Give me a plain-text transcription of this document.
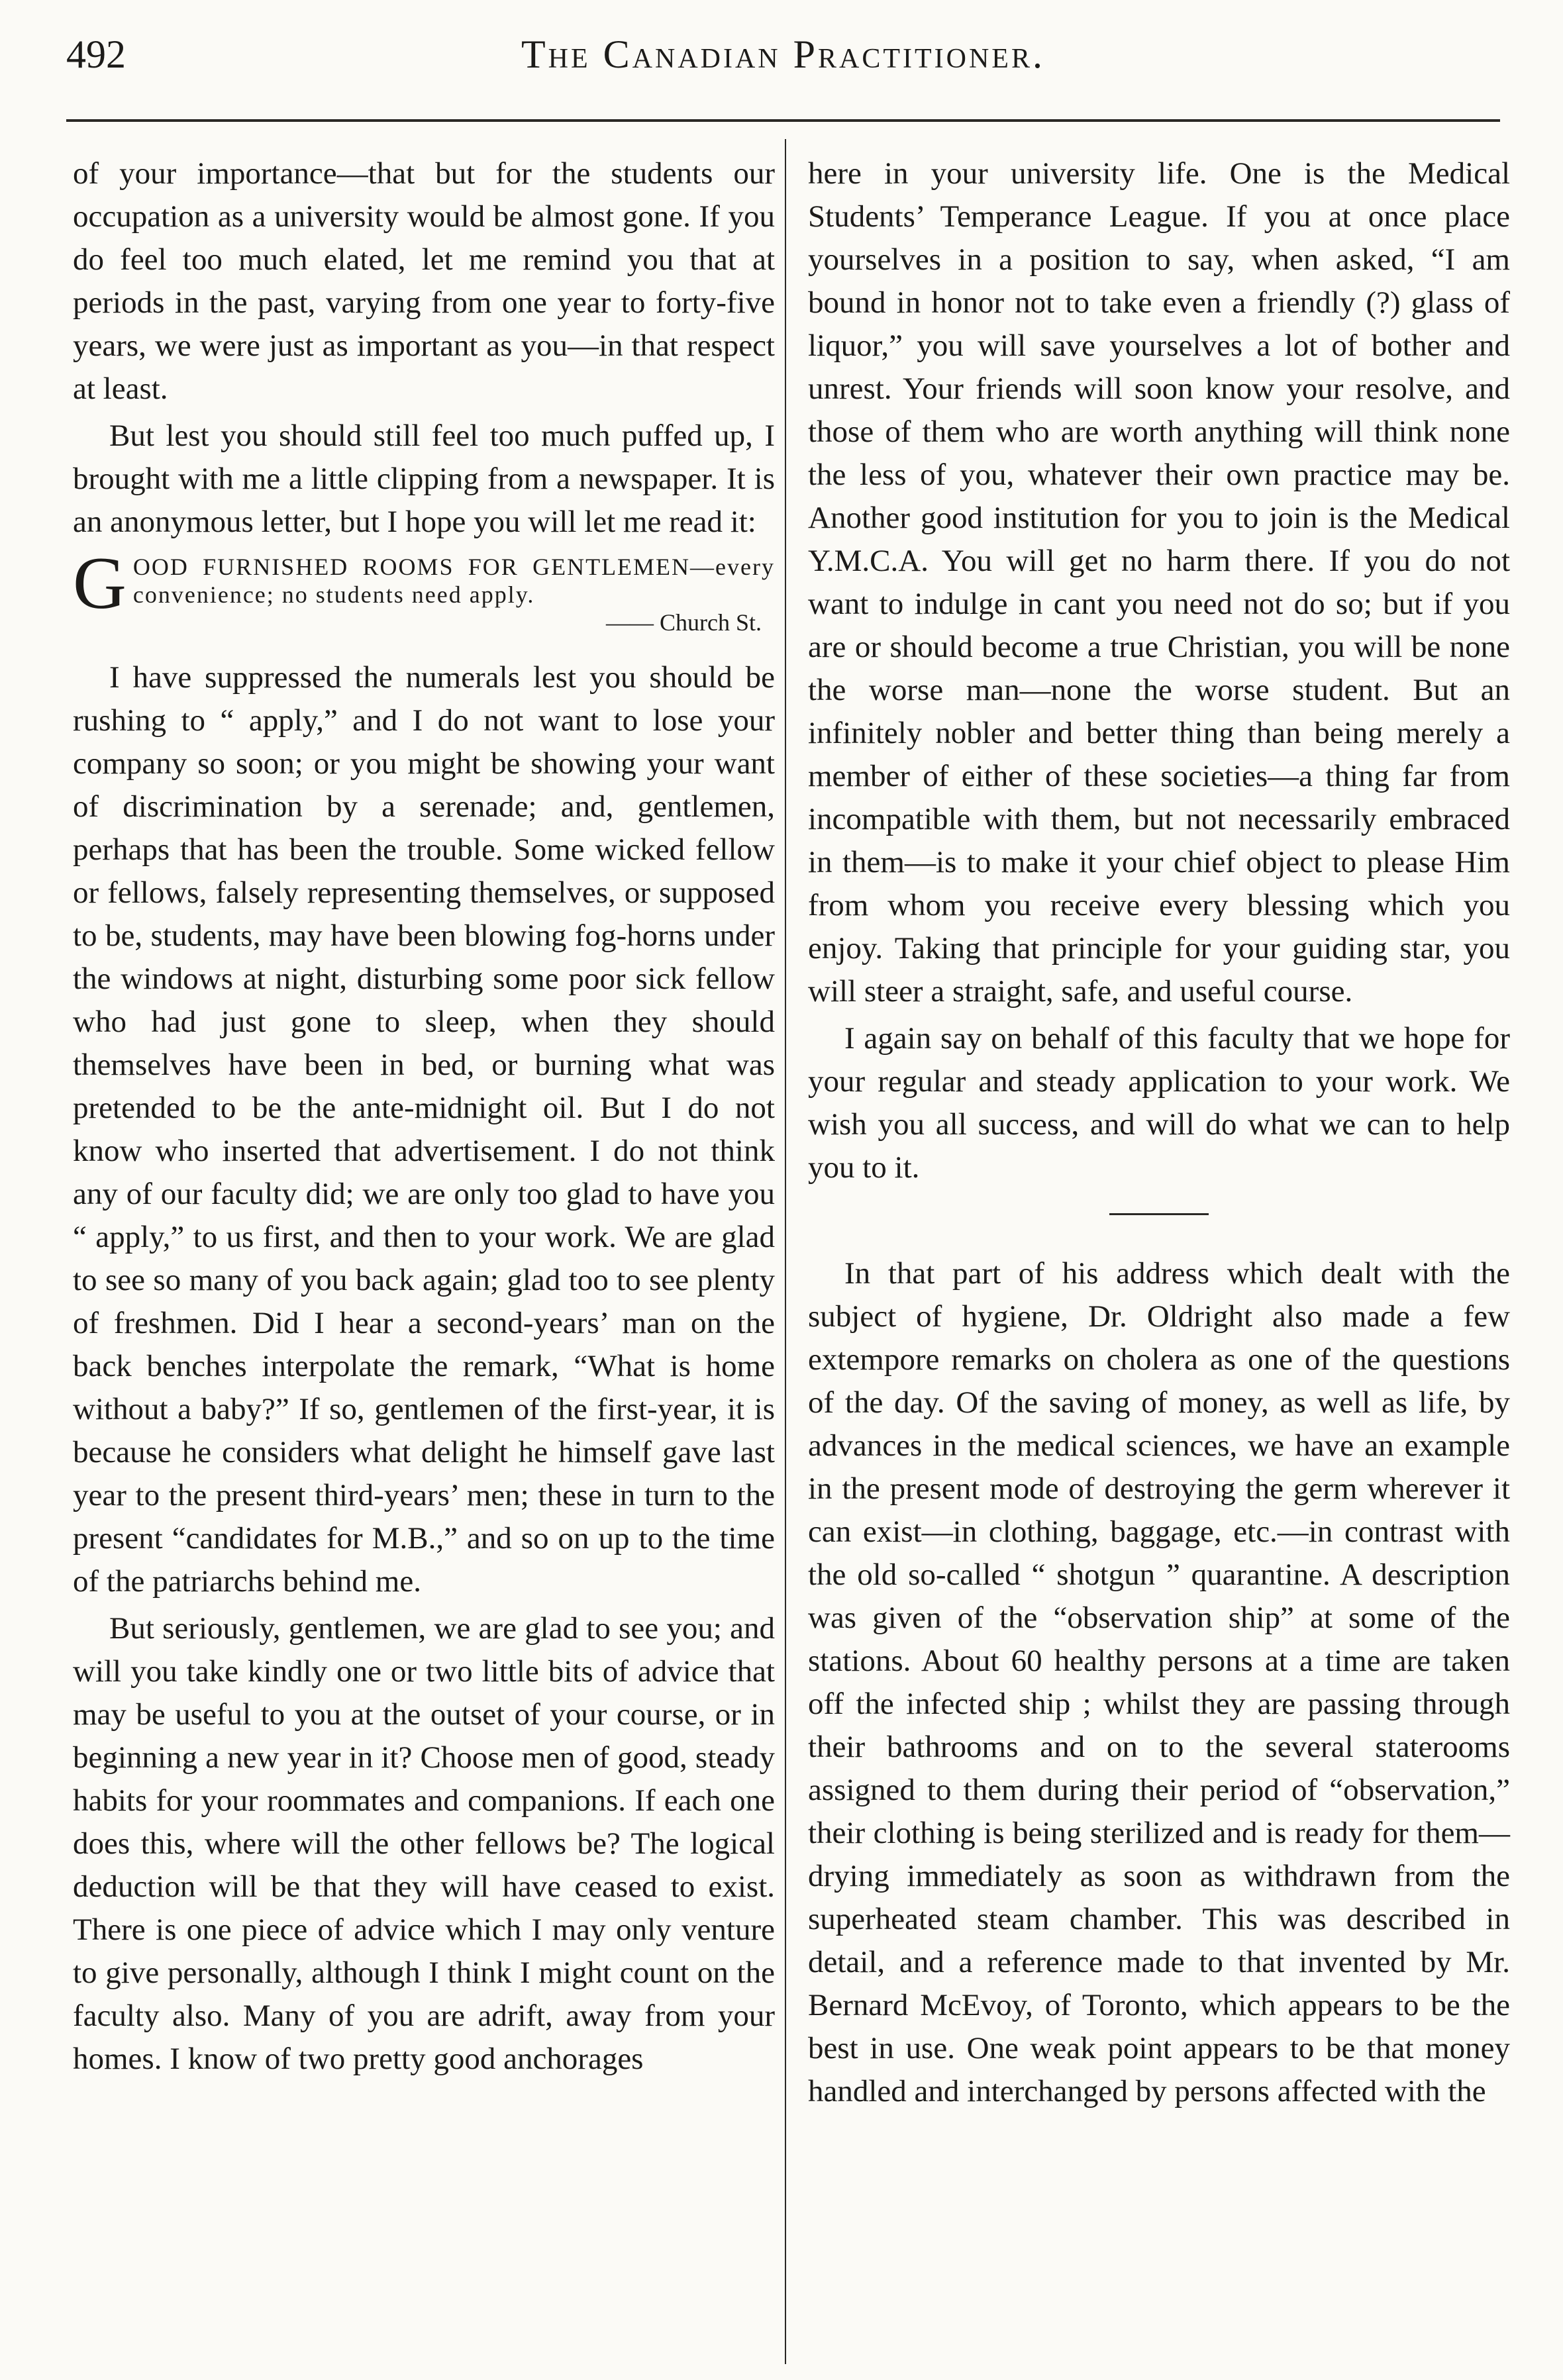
492	The Canadian Practitioner.

of your importance—that but for the students our occupation as a university would be almost gone. If you do feel too much elated, let me remind you that at periods in the past, varying from one year to forty-five years, we were just as important as you—in that respect at least.

But lest you should still feel too much puffed up, I brought with me a little clipping from a newspaper. It is an anonymous letter, but I hope you will let me read it:

GOOD FURNISHED ROOMS FOR GENTLEMEN—every convenience; no students need apply.
—— Church St.

I have suppressed the numerals lest you should be rushing to “ apply,” and I do not want to lose your company so soon; or you might be showing your want of discrimination by a serenade; and, gentlemen, perhaps that has been the trouble. Some wicked fellow or fellows, falsely representing themselves, or supposed to be, students, may have been blowing fog-horns under the windows at night, disturbing some poor sick fellow who had just gone to sleep, when they should themselves have been in bed, or burning what was pretended to be the ante-midnight oil. But I do not know who inserted that advertisement. I do not think any of our faculty did; we are only too glad to have you “ apply,” to us first, and then to your work. We are glad to see so many of you back again; glad too to see plenty of freshmen. Did I hear a second-years’ man on the back benches interpolate the remark, “What is home without a baby?” If so, gentlemen of the first-year, it is because he considers what delight he himself gave last year to the present third-years’ men; these in turn to the present “candidates for M.B.,” and so on up to the time of the patriarchs behind me.

But seriously, gentlemen, we are glad to see you; and will you take kindly one or two little bits of advice that may be useful to you at the outset of your course, or in beginning a new year in it? Choose men of good, steady habits for your roommates and companions. If each one does this, where will the other fellows be? The logical deduction will be that they will have ceased to exist. There is one piece of advice which I may only venture to give personally, although I think I might count on the faculty also. Many of you are adrift, away from your homes. I know of two pretty good anchorages

here in your university life. One is the Medical Students’ Temperance League. If you at once place yourselves in a position to say, when asked, “I am bound in honor not to take even a friendly (?) glass of liquor,” you will save yourselves a lot of bother and unrest. Your friends will soon know your resolve, and those of them who are worth anything will think none the less of you, whatever their own practice may be. Another good institution for you to join is the Medical Y.M.C.A. You will get no harm there. If you do not want to indulge in cant you need not do so; but if you are or should become a true Christian, you will be none the worse man—none the worse student. But an infinitely nobler and better thing than being merely a member of either of these societies—a thing far from incompatible with them, but not necessarily embraced in them—is to make it your chief object to please Him from whom you receive every blessing which you enjoy. Taking that principle for your guiding star, you will steer a straight, safe, and useful course.

I again say on behalf of this faculty that we hope for your regular and steady application to your work. We wish you all success, and will do what we can to help you to it.

In that part of his address which dealt with the subject of hygiene, Dr. Oldright also made a few extempore remarks on cholera as one of the questions of the day. Of the saving of money, as well as life, by advances in the medical sciences, we have an example in the present mode of destroying the germ wherever it can exist—in clothing, baggage, etc.—in contrast with the old so-called “ shotgun ” quarantine. A description was given of the “observation ship” at some of the stations. About 60 healthy persons at a time are taken off the infected ship ; whilst they are passing through their bathrooms and on to the several staterooms assigned to them during their period of “observation,” their clothing is being sterilized and is ready for them—drying immediately as soon as withdrawn from the superheated steam chamber. This was described in detail, and a reference made to that invented by Mr. Bernard McEvoy, of Toronto, which appears to be the best in use. One weak point appears to be that money handled and interchanged by persons affected with the
